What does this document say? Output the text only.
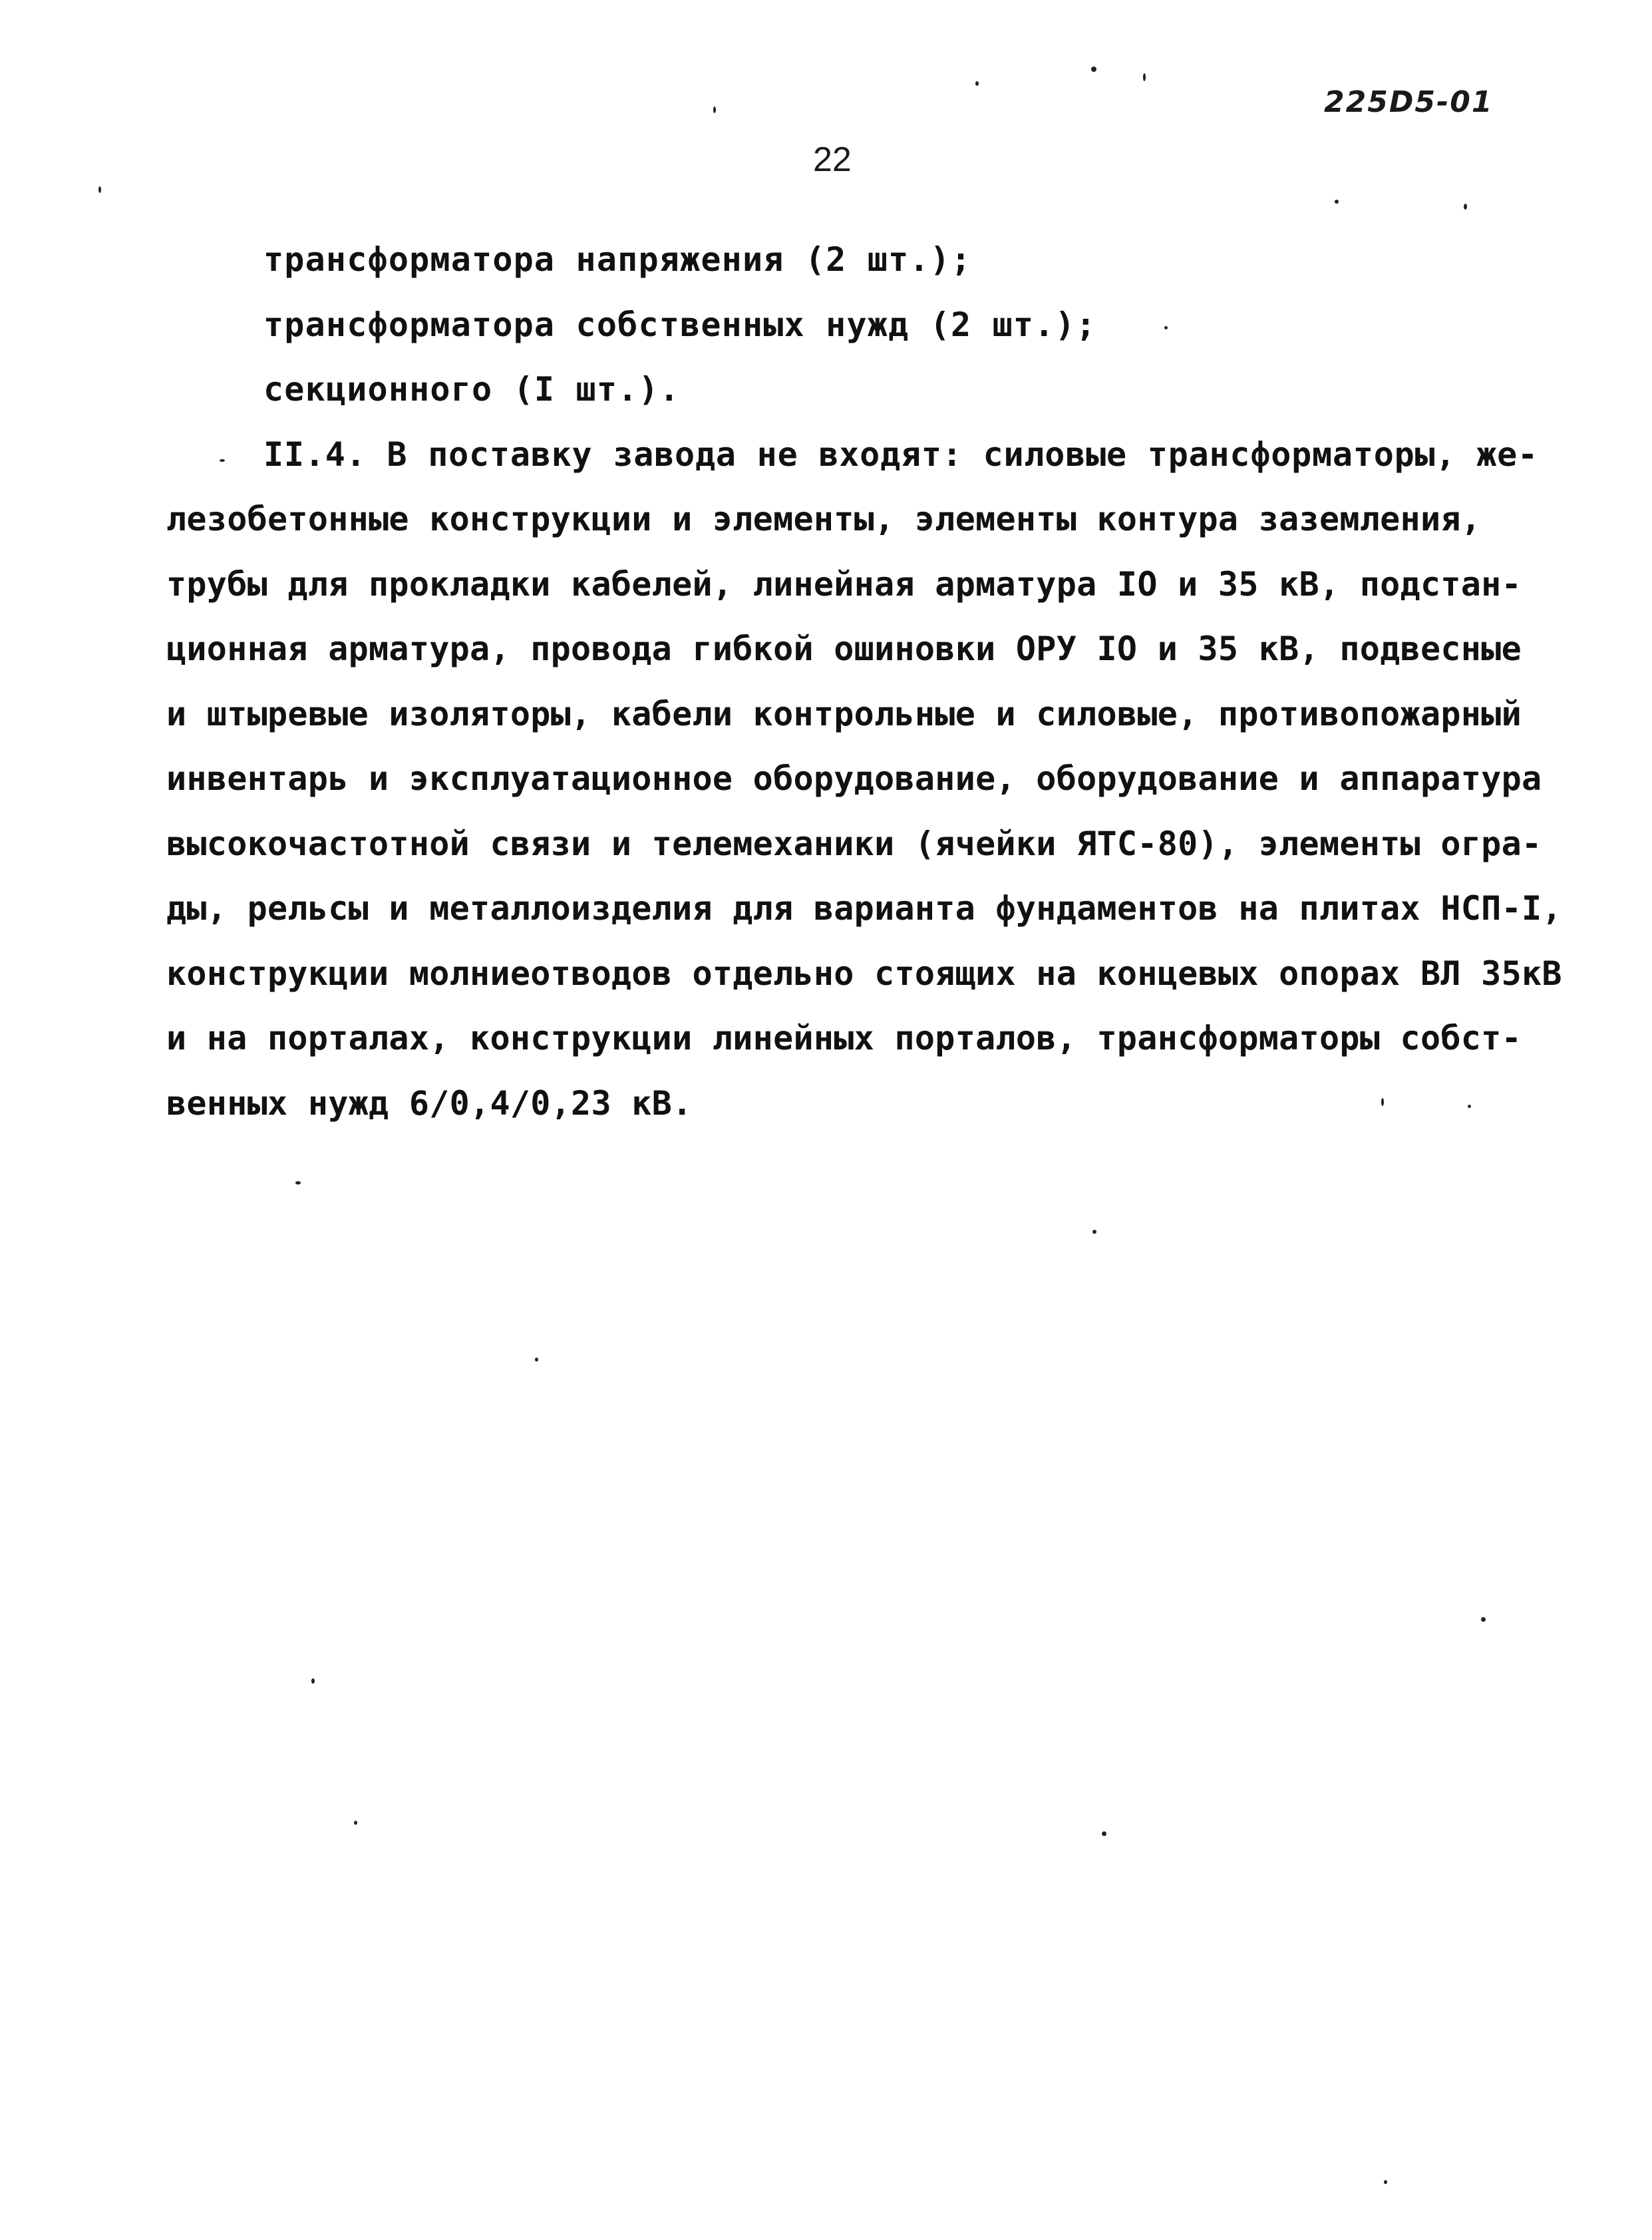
225D5-01
22
трансформатора напряжения (2 шт.);
трансформатора собственных нужд (2 шт.);
секционного (I шт.).
II.4. В поставку завода не входят: силовые трансформаторы, же-
лезобетонные конструкции и элементы, элементы контура заземления,
трубы для прокладки кабелей, линейная арматура IO и 35 кВ, подстан-
ционная арматура, провода гибкой ошиновки ОРУ IO и 35 кВ, подвесные
и штыревые изоляторы, кабели контрольные и силовые, противопожарный
инвентарь и эксплуатационное оборудование, оборудование и аппаратура
высокочастотной связи и телемеханики (ячейки ЯТС-80), элементы огра-
ды, рельсы и металлоизделия для варианта фундаментов на плитах НСП-I,
конструкции молниеотводов отдельно стоящих на концевых опорах ВЛ 35кВ
и на порталах, конструкции линейных порталов, трансформаторы собст-
венных нужд 6/0,4/0,23 кВ.
